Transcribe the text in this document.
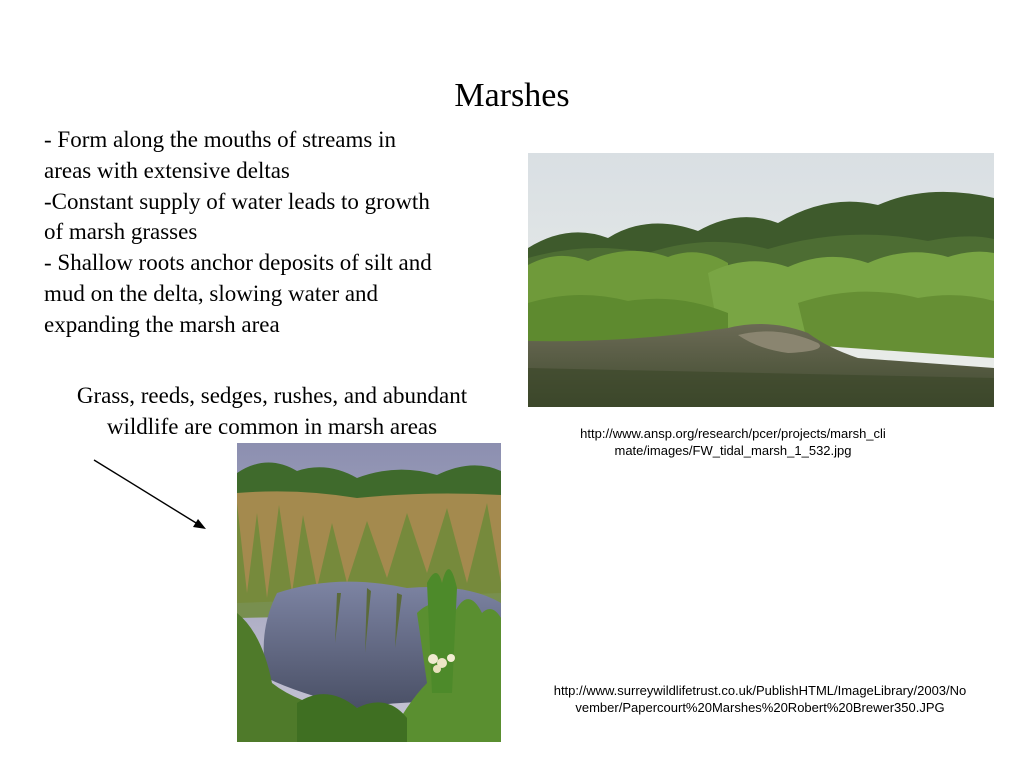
Marshes
- Form along the mouths of streams in
areas with extensive deltas
-Constant supply of water leads to growth
of marsh grasses
- Shallow roots anchor deposits of silt and
mud on the delta, slowing water and
expanding the marsh area
http://www.ansp.org/research/pcer/projects/marsh_cli
mate/images/FW_tidal_marsh_1_532.jpg
Grass, reeds, sedges, rushes, and abundant
wildlife are common in marsh areas
http://www.surreywildlifetrust.co.uk/PublishHTML/ImageLibrary/2003/No
vember/Papercourt%20Marshes%20Robert%20Brewer350.JPG
